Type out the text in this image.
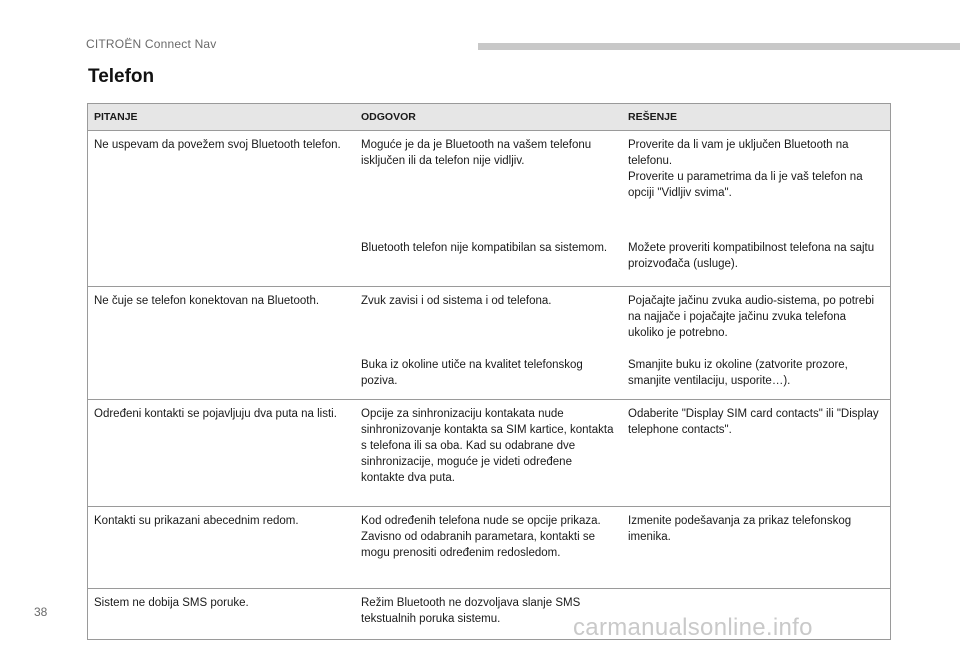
CITROËN Connect Nav
Telefon
PITANJE	ODGOVOR	REŠENJE
Ne uspevam da povežem svoj Bluetooth telefon.	Moguće je da je Bluetooth na vašem telefonu isključen ili da telefon nije vidljiv.	Proverite da li vam je uključen Bluetooth na telefonu.
Proverite u parametrima da li je vaš telefon na opciji "Vidljiv svima".

	Bluetooth telefon nije kompatibilan sa sistemom.	Možete proveriti kompatibilnost telefona na sajtu proizvođača (usluge).
Ne čuje se telefon konektovan na Bluetooth.	Zvuk zavisi i od sistema i od telefona.	Pojačajte jačinu zvuka audio-sistema, po potrebi na najjače i pojačajte jačinu zvuka telefona ukoliko je potrebno.
	Buka iz okoline utiče na kvalitet telefonskog poziva.	Smanjite buku iz okoline (zatvorite prozore, smanjite ventilaciju, usporite…).
Određeni kontakti se pojavljuju dva puta na listi.	Opcije za sinhronizaciju kontakata nude sinhronizovanje kontakta sa SIM kartice, kontakta s telefona ili sa oba. Kad su odabrane dve sinhronizacije, moguće je videti određene kontakte dva puta.	Odaberite "Display SIM card contacts" ili "Display telephone contacts".
Kontakti su prikazani abecednim redom.	Kod određenih telefona nude se opcije prikaza. Zavisno od odabranih parametara, kontakti se mogu prenositi određenim redosledom.	Izmenite podešavanja za prikaz telefonskog imenika.
Sistem ne dobija SMS poruke.	Režim Bluetooth ne dozvoljava slanje SMS tekstualnih poruka sistemu.	
38
carmanualsonline.info
